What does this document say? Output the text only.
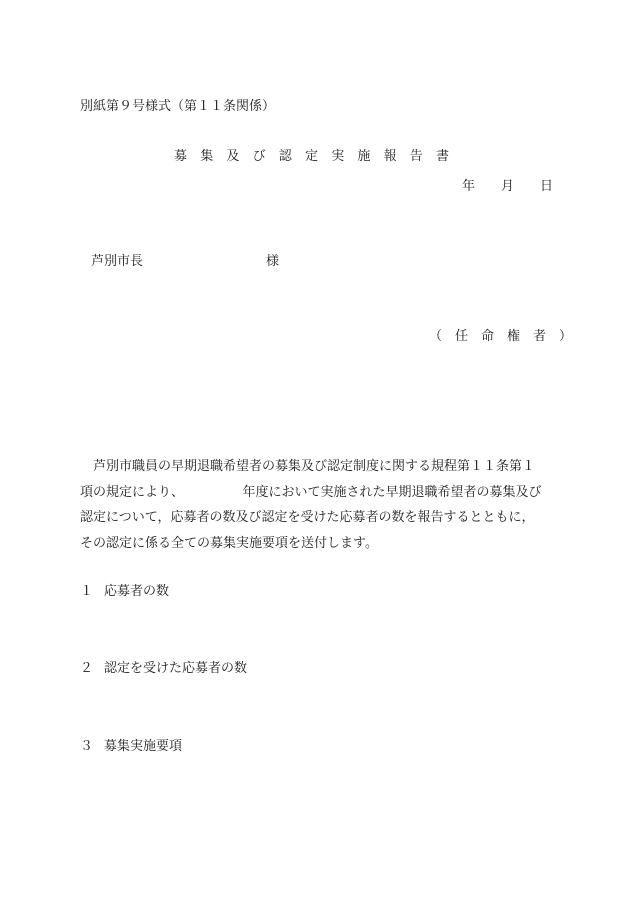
別紙第９号様式（第１１条関係）
募　集　及　び　認　定　実　施　報　告　書
年　　月　　日
芦別市長	様
（　任　命　権　者　）
　芦別市職員の早期退職希望者の募集及び認定制度に関する規程第１１条第１
項の規定により、　　　　　年度において実施された早期退職希望者の募集及び
認定について，応募者の数及び認定を受けた応募者の数を報告するとともに，
その認定に係る全ての募集実施要項を送付します。
１ 応募者の数
２ 認定を受けた応募者の数
３ 募集実施要項
